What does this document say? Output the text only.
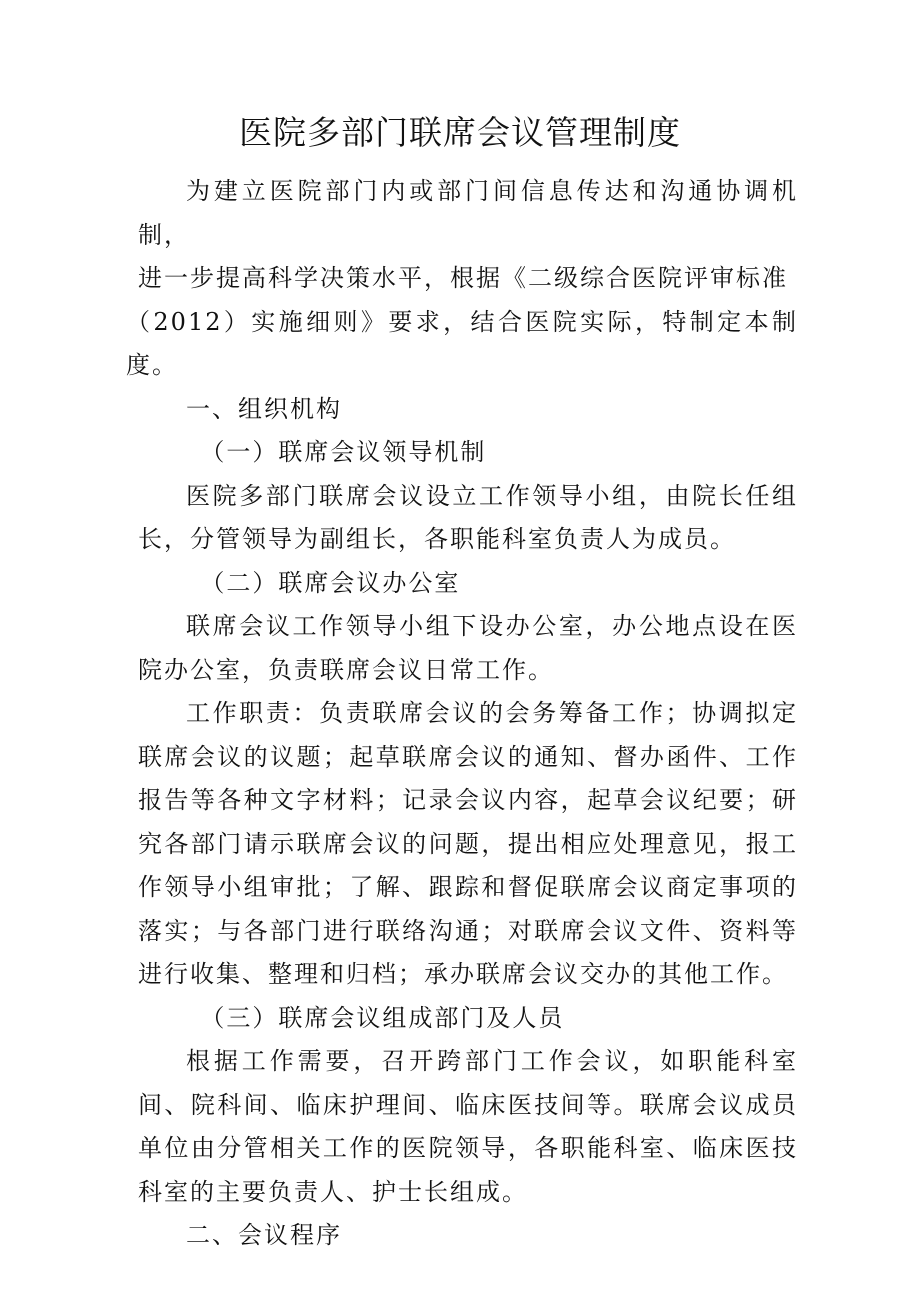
医院多部门联席会议管理制度

为建立医院部门内或部门间信息传达和沟通协调机制，

进一步提高科学决策水平，根据《二级综合医院评审标准

（2012）实施细则》要求，结合医院实际，特制定本制度。

一、组织机构

（一）联席会议领导机制

医院多部门联席会议设立工作领导小组，由院长任组长，分管领导为副组长，各职能科室负责人为成员。

（二）联席会议办公室

联席会议工作领导小组下设办公室，办公地点设在医院办公室，负责联席会议日常工作。

工作职责：负责联席会议的会务筹备工作；协调拟定联席会议的议题；起草联席会议的通知、督办函件、工作报告等各种文字材料；记录会议内容，起草会议纪要；研究各部门请示联席会议的问题，提出相应处理意见，报工作领导小组审批；了解、跟踪和督促联席会议商定事项的落实；与各部门进行联络沟通；对联席会议文件、资料等进行收集、整理和归档；承办联席会议交办的其他工作。

（三）联席会议组成部门及人员

根据工作需要，召开跨部门工作会议，如职能科室间、院科间、临床护理间、临床医技间等。联席会议成员单位由分管相关工作的医院领导，各职能科室、临床医技科室的主要负责人、护士长组成。

二、会议程序
